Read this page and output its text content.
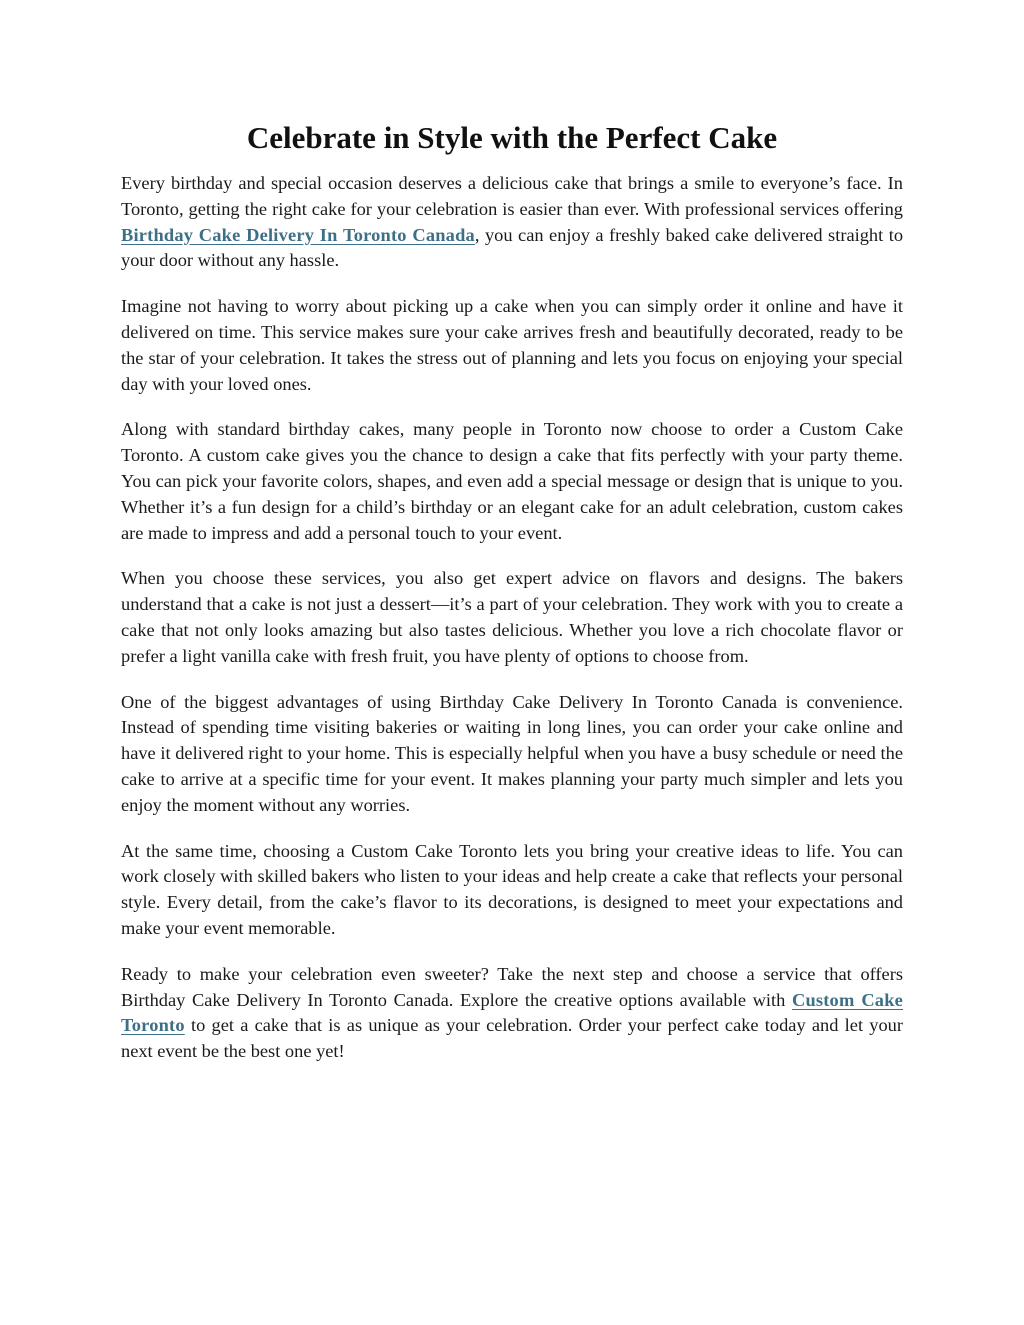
Celebrate in Style with the Perfect Cake

Every birthday and special occasion deserves a delicious cake that brings a smile to everyone’s face. In Toronto, getting the right cake for your celebration is easier than ever. With professional services offering Birthday Cake Delivery In Toronto Canada, you can enjoy a freshly baked cake delivered straight to your door without any hassle.

Imagine not having to worry about picking up a cake when you can simply order it online and have it delivered on time. This service makes sure your cake arrives fresh and beautifully decorated, ready to be the star of your celebration. It takes the stress out of planning and lets you focus on enjoying your special day with your loved ones.

Along with standard birthday cakes, many people in Toronto now choose to order a Custom Cake Toronto. A custom cake gives you the chance to design a cake that fits perfectly with your party theme. You can pick your favorite colors, shapes, and even add a special message or design that is unique to you. Whether it’s a fun design for a child’s birthday or an elegant cake for an adult celebration, custom cakes are made to impress and add a personal touch to your event.

When you choose these services, you also get expert advice on flavors and designs. The bakers understand that a cake is not just a dessert—it’s a part of your celebration. They work with you to create a cake that not only looks amazing but also tastes delicious. Whether you love a rich chocolate flavor or prefer a light vanilla cake with fresh fruit, you have plenty of options to choose from.

One of the biggest advantages of using Birthday Cake Delivery In Toronto Canada is convenience. Instead of spending time visiting bakeries or waiting in long lines, you can order your cake online and have it delivered right to your home. This is especially helpful when you have a busy schedule or need the cake to arrive at a specific time for your event. It makes planning your party much simpler and lets you enjoy the moment without any worries.

At the same time, choosing a Custom Cake Toronto lets you bring your creative ideas to life. You can work closely with skilled bakers who listen to your ideas and help create a cake that reflects your personal style. Every detail, from the cake’s flavor to its decorations, is designed to meet your expectations and make your event memorable.

Ready to make your celebration even sweeter? Take the next step and choose a service that offers Birthday Cake Delivery In Toronto Canada. Explore the creative options available with Custom Cake Toronto to get a cake that is as unique as your celebration. Order your perfect cake today and let your next event be the best one yet!
